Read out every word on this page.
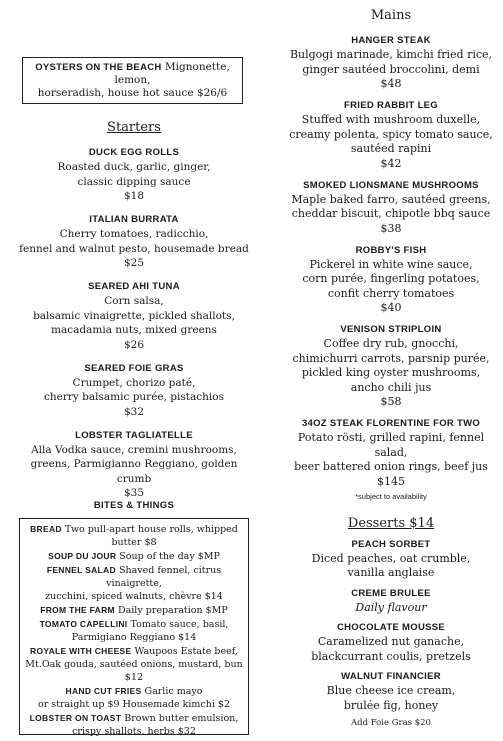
OYSTERS ON THE BEACH Mignonette, lemon,
horseradish, house hot sauce $26/6
Starters
DUCK EGG ROLLS
Roasted duck, garlic, ginger,
classic dipping sauce
$18
ITALIAN BURRATA
Cherry tomatoes, radicchio,
fennel and walnut pesto, housemade bread
$25
SEARED AHI TUNA
Corn salsa,
balsamic vinaigrette, pickled shallots,
macadamia nuts, mixed greens
$26
SEARED FOIE GRAS
Crumpet, chorizo paté,
cherry balsamic purée, pistachios
$32
LOBSTER TAGLIATELLE
Alla Vodka sauce, cremini mushrooms,
greens, Parmigianno Reggiano, golden crumb
$35
BITES & THINGS
BREAD Two pull-apart house rolls, whipped butter $8
SOUP DU JOUR Soup of the day $MP
FENNEL SALAD Shaved fennel, citrus vinaigrette,
zucchini, spiced walnuts, chèvre $14
FROM THE FARM Daily preparation $MP
TOMATO CAPELLINI Tomato sauce, basil,
Parmigiano Reggiano $14
ROYALE WITH CHEESE Waupoos Estate beef,
Mt.Oak gouda, sautéed onions, mustard, bun $12
HAND CUT FRIES Garlic mayo
or straight up $9 Housemade kimchi $2
LOBSTER ON TOAST Brown butter emulsion,
crispy shallots, herbs $32
Mains
HANGER STEAK
Bulgogi marinade, kimchi fried rice,
ginger sautéed broccolini, demi
$48
FRIED RABBIT LEG
Stuffed with mushroom duxelle,
creamy polenta, spicy tomato sauce,
sautéed rapini
$42
SMOKED LIONSMANE MUSHROOMS
Maple baked farro, sautéed greens,
cheddar biscuit, chipotle bbq sauce
$38
ROBBY'S FISH
Pickerel in white wine sauce,
corn purée, fingerling potatoes,
confit cherry tomatoes
$40
VENISON STRIPLOIN
Coffee dry rub, gnocchi,
chimichurri carrots, parsnip purée,
pickled king oyster mushrooms,
ancho chili jus
$58
34OZ STEAK FLORENTINE FOR TWO
Potato rösti, grilled rapini, fennel salad,
beer battered onion rings, beef jus
$145
*subject to availability
Desserts $14
PEACH SORBET
Diced peaches, oat crumble,
vanilla anglaise
CREME BRULEE
Daily flavour
CHOCOLATE MOUSSE
Caramelized nut ganache,
blackcurrant coulis, pretzels
WALNUT FINANCIER
Blue cheese ice cream,
brulée fig, honey
Add Foie Gras $20
